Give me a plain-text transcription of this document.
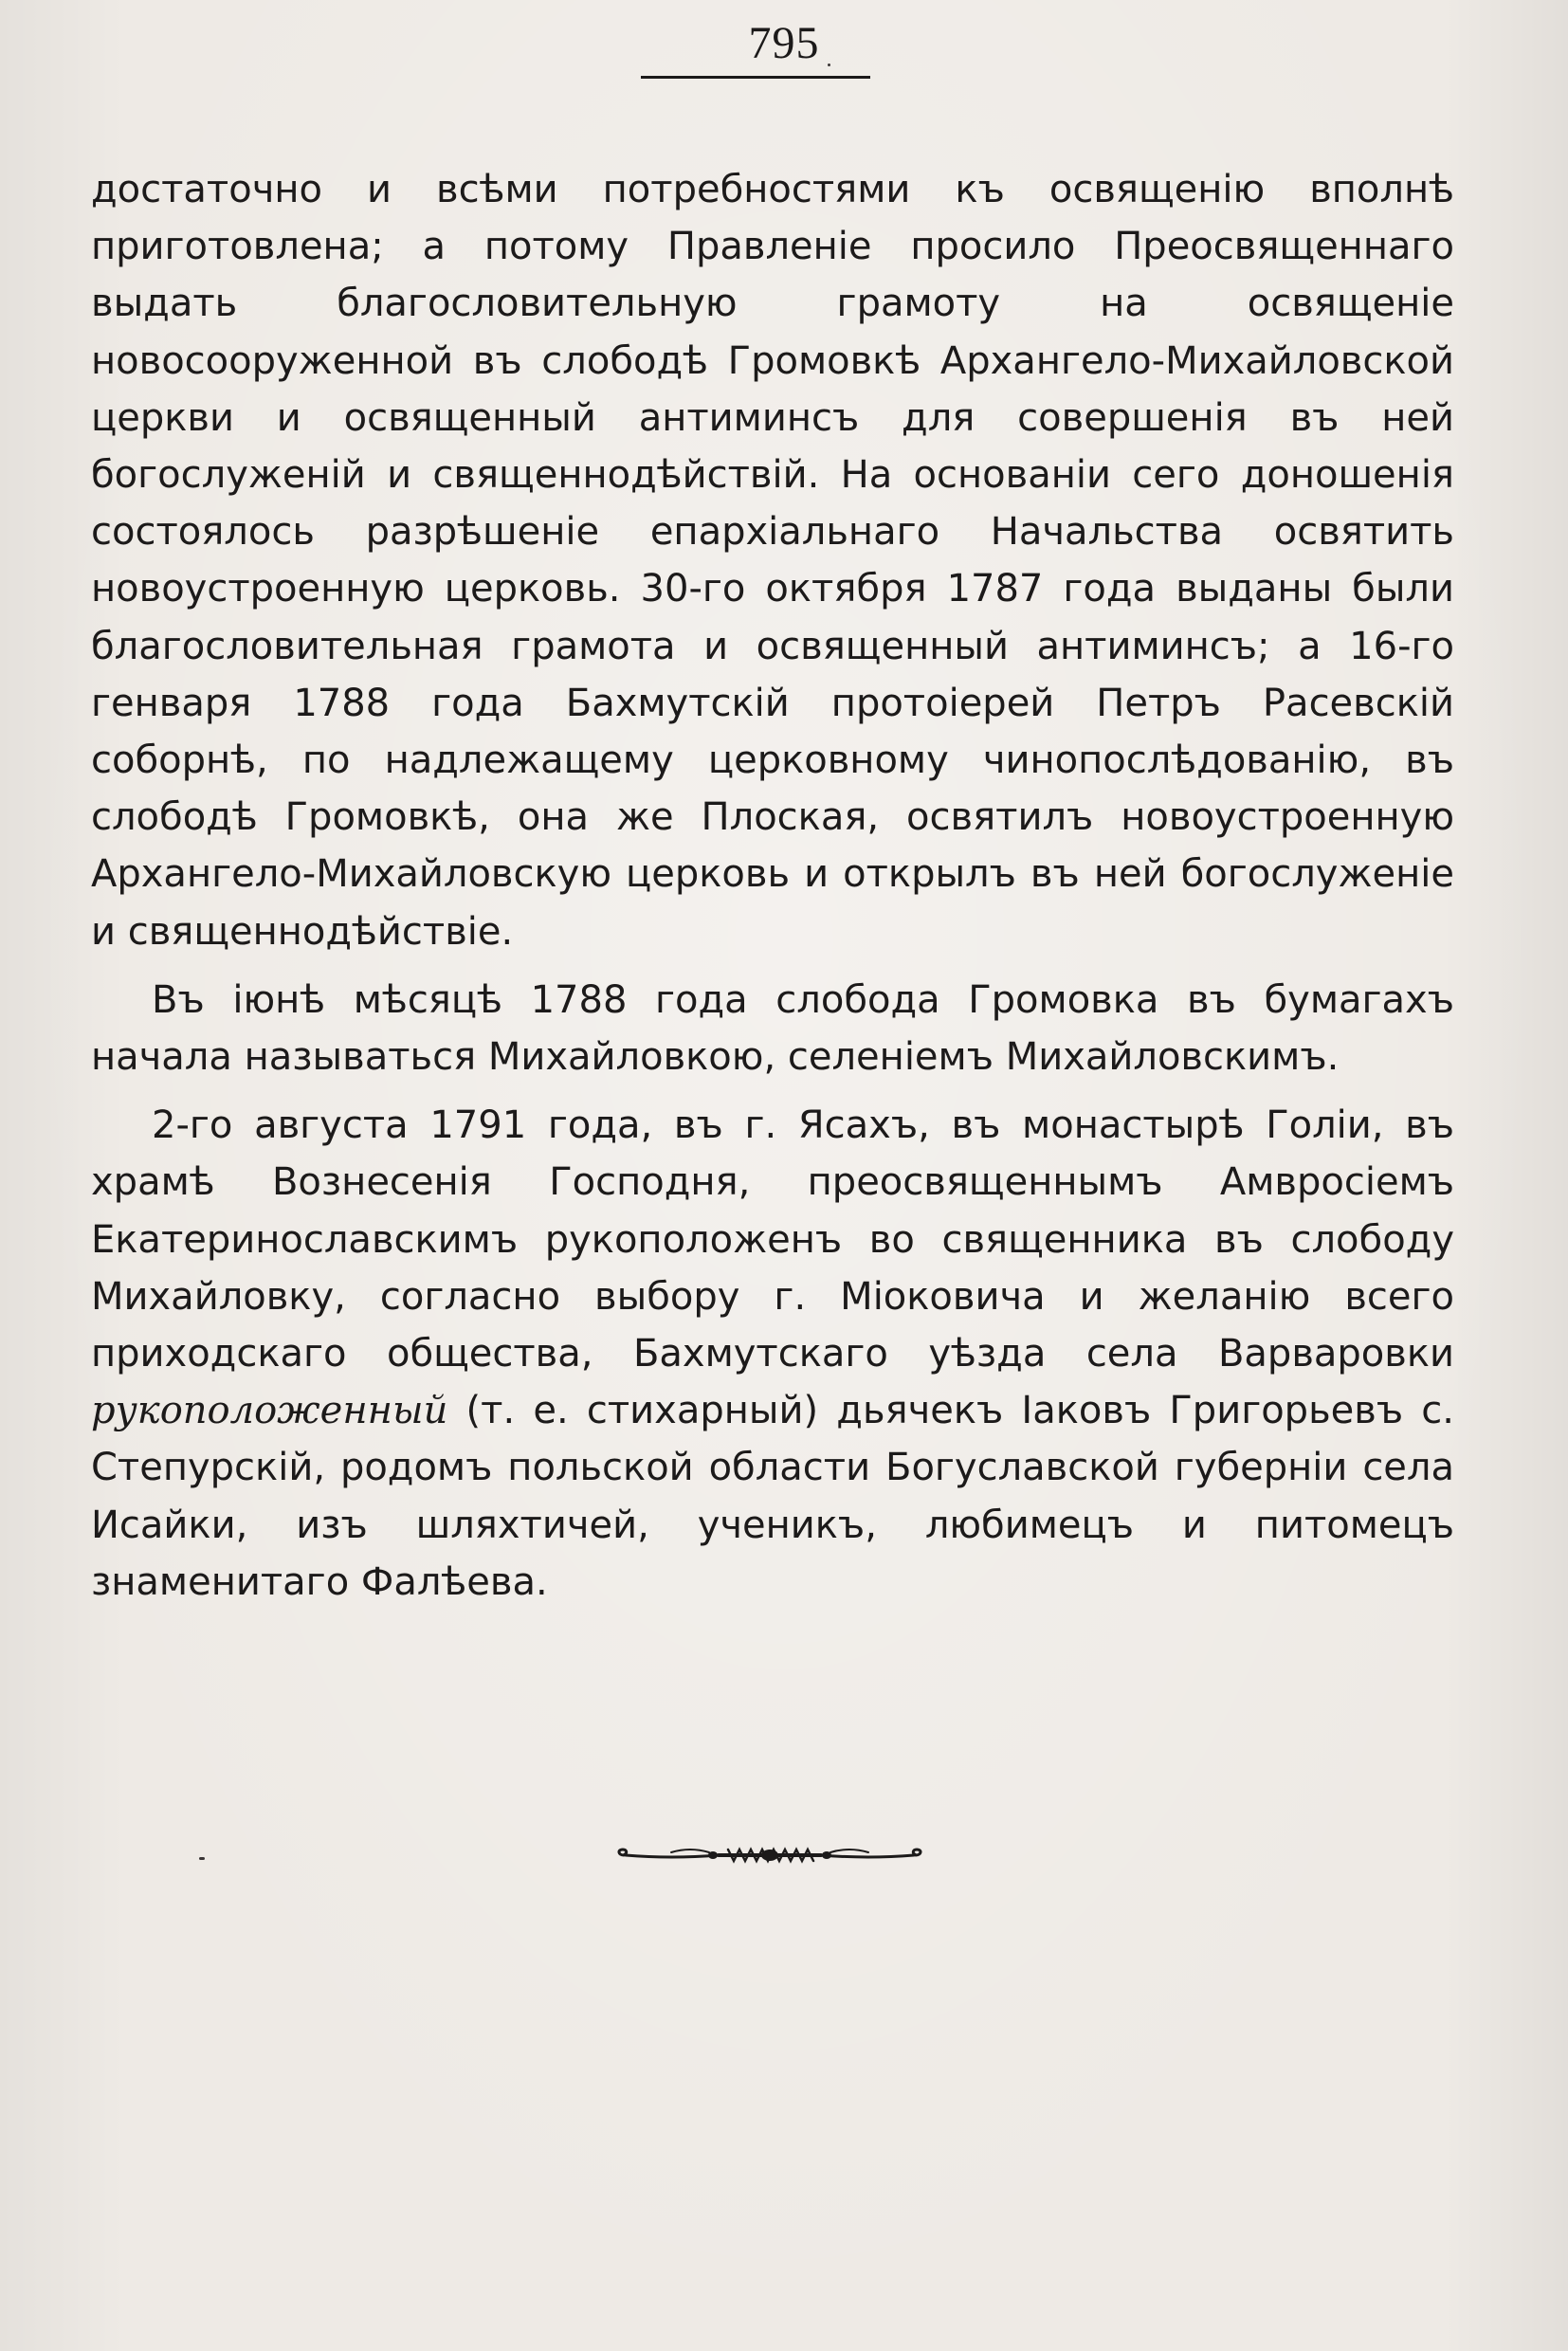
795

достаточно и всѣми потребностями къ освященію вполнѣ приготовлена; а потому Правленіе просило Преосвященнаго выдать благословительную грамоту на освященіе новосооруженной въ слободѣ Громовкѣ Архангело-Михайловской церкви и освященный антиминсъ для совершенія въ ней богослуженій и священнодѣйствій. На основаніи сего доношенія состоялось разрѣшеніе епархіальнаго Начальства освятить новоустроенную церковь. 30-го октября 1787 года выданы были благословительная грамота и освященный антиминсъ; а 16-го генваря 1788 года Бахмутскій протоіерей Петръ Расевскій соборнѣ, по надлежащему церковному чинопослѣдованію, въ слободѣ Громовкѣ, она же Плоская, освятилъ новоустроенную Архангело-Михайловскую церковь и открылъ въ ней богослуженіе и священнодѣйствіе.

Въ іюнѣ мѣсяцѣ 1788 года слобода Громовка въ бумагахъ начала называться Михайловкою, селеніемъ Михайловскимъ.

2-го августа 1791 года, въ г. Ясахъ, въ монастырѣ Голіи, въ храмѣ Вознесенія Господня, преосвященнымъ Амвросіемъ Екатеринославскимъ рукоположенъ во священника въ слободу Михайловку, согласно выбору г. Міоковича и желанію всего приходскаго общества, Бахмутскаго уѣзда села Варваровки рукоположенный (т. е. стихарный) дьячекъ Іаковъ Григорьевъ с. Степурскій, родомъ польской области Богуславской губерніи села Исайки, изъ шляхтичей, ученикъ, любимецъ и питомецъ знаменитаго Фалѣева.
